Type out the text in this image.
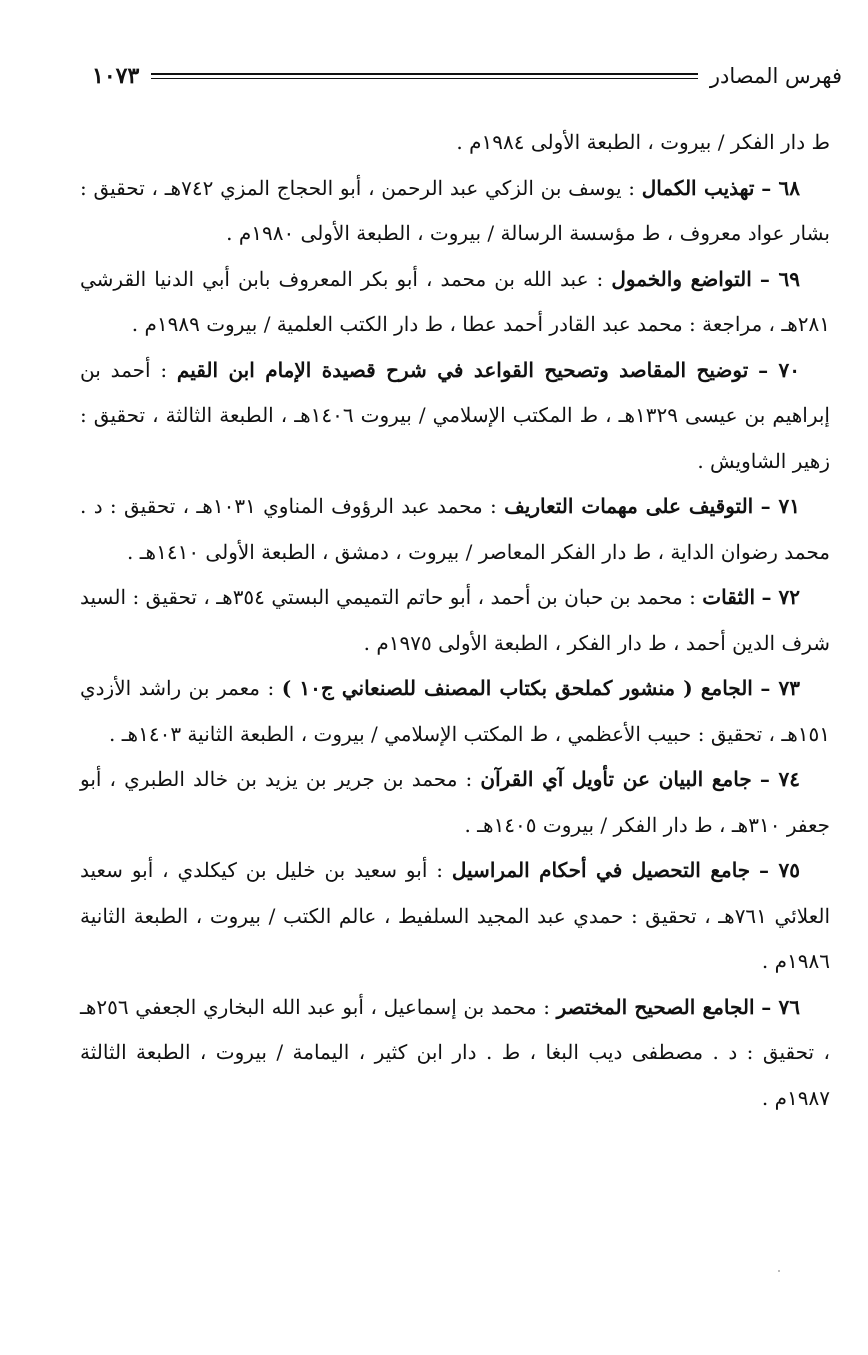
فهرس المصادر
١٠٧٣

ط دار الفكر / بيروت ، الطبعة الأولى ١٩٨٤م .

٦٨ – تهذيب الكمال : يوسف بن الزكي عبد الرحمن ، أبو الحجاج المزي ٧٤٢هـ ، تحقيق : بشار عواد معروف ، ط مؤسسة الرسالة / بيروت ، الطبعة الأولى ١٩٨٠م .

٦٩ – التواضع والخمول : عبد الله بن محمد ، أبو بكر المعروف بابن أبي الدنيا القرشي ٢٨١هـ ، مراجعة : محمد عبد القادر أحمد عطا ، ط دار الكتب العلمية / بيروت ١٩٨٩م .

٧٠ – توضيح المقاصد وتصحيح القواعد في شرح قصيدة الإمام ابن القيم : أحمد بن إبراهيم بن عيسى ١٣٢٩هـ ، ط المكتب الإسلامي / بيروت ١٤٠٦هـ ، الطبعة الثالثة ، تحقيق : زهير الشاويش .

٧١ – التوقيف على مهمات التعاريف : محمد عبد الرؤوف المناوي ١٠٣١هـ ، تحقيق : د . محمد رضوان الداية ، ط دار الفكر المعاصر / بيروت ، دمشق ، الطبعة الأولى ١٤١٠هـ .

٧٢ – الثقات : محمد بن حبان بن أحمد ، أبو حاتم التميمي البستي ٣٥٤هـ ، تحقيق : السيد شرف الدين أحمد ، ط دار الفكر ، الطبعة الأولى ١٩٧٥م .

٧٣ – الجامع ( منشور كملحق بكتاب المصنف للصنعاني ج١٠ ) : معمر بن راشد الأزدي ١٥١هـ ، تحقيق : حبيب الأعظمي ، ط المكتب الإسلامي / بيروت ، الطبعة الثانية ١٤٠٣هـ .

٧٤ – جامع البيان عن تأويل آي القرآن : محمد بن جرير بن يزيد بن خالد الطبري ، أبو جعفر ٣١٠هـ ، ط دار الفكر / بيروت ١٤٠٥هـ .

٧٥ – جامع التحصيل في أحكام المراسيل : أبو سعيد بن خليل بن كيكلدي ، أبو سعيد العلائي ٧٦١هـ ، تحقيق : حمدي عبد المجيد السلفيط ، عالم الكتب / بيروت ، الطبعة الثانية ١٩٨٦م .

٧٦ – الجامع الصحيح المختصر : محمد بن إسماعيل ، أبو عبد الله البخاري الجعفي ٢٥٦هـ ، تحقيق : د . مصطفى ديب البغا ، ط . دار ابن كثير ، اليمامة / بيروت ، الطبعة الثالثة ١٩٨٧م .
